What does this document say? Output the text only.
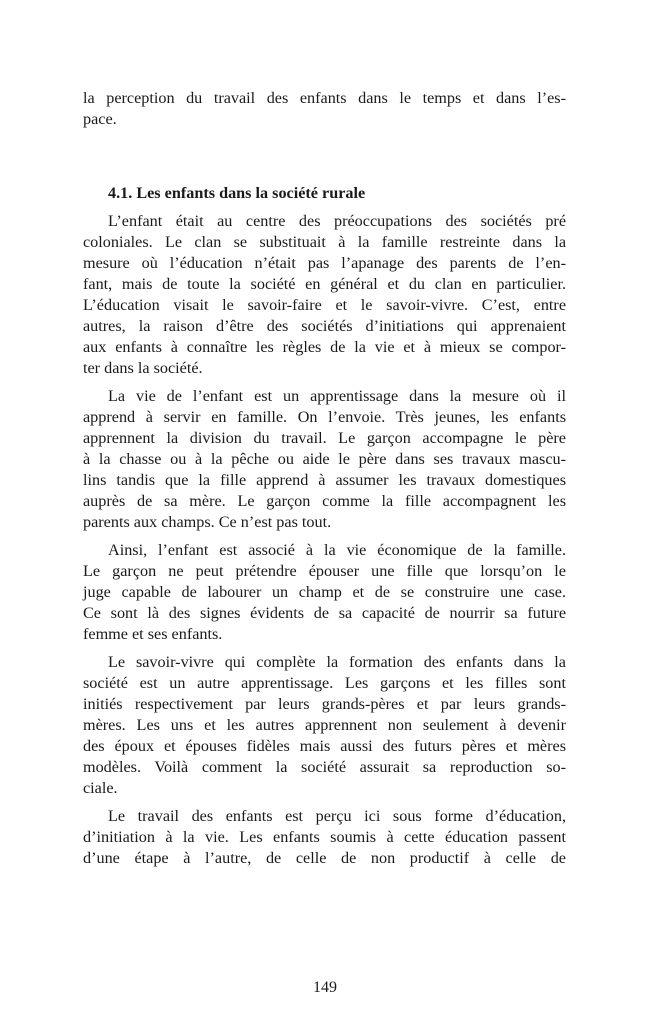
la perception du travail des enfants dans le temps et dans l’es-
pace.
4.1. Les enfants dans la société rurale
L’enfant était au centre des préoccupations des sociétés pré
coloniales. Le clan se substituait à la famille restreinte dans la
mesure où l’éducation n’était pas l’apanage des parents de l’en-
fant, mais de toute la société en général et du clan en particulier.
L’éducation visait le savoir-faire et le savoir-vivre. C’est, entre
autres, la raison d’être des sociétés d’initiations qui apprenaient
aux enfants à connaître les règles de la vie et à mieux se compor-
ter dans la société.
La vie de l’enfant est un apprentissage dans la mesure où il
apprend à servir en famille. On l’envoie. Très jeunes, les enfants
apprennent la division du travail. Le garçon accompagne le père
à la chasse ou à la pêche ou aide le père dans ses travaux mascu-
lins tandis que la fille apprend à assumer les travaux domestiques
auprès de sa mère. Le garçon comme la fille accompagnent les
parents aux champs. Ce n’est pas tout.
Ainsi, l’enfant est associé à la vie économique de la famille.
Le garçon ne peut prétendre épouser une fille que lorsqu’on le
juge capable de labourer un champ et de se construire une case.
Ce sont là des signes évidents de sa capacité de nourrir sa future
femme et ses enfants.
Le savoir-vivre qui complète la formation des enfants dans la
société est un autre apprentissage. Les garçons et les filles sont
initiés respectivement par leurs grands-pères et par leurs grands-
mères. Les uns et les autres apprennent non seulement à devenir
des époux et épouses fidèles mais aussi des futurs pères et mères
modèles. Voilà comment la société assurait sa reproduction so-
ciale.
Le travail des enfants est perçu ici sous forme d’éducation,
d’initiation à la vie. Les enfants soumis à cette éducation passent
d’une étape à l’autre, de celle de non productif à celle de
149
